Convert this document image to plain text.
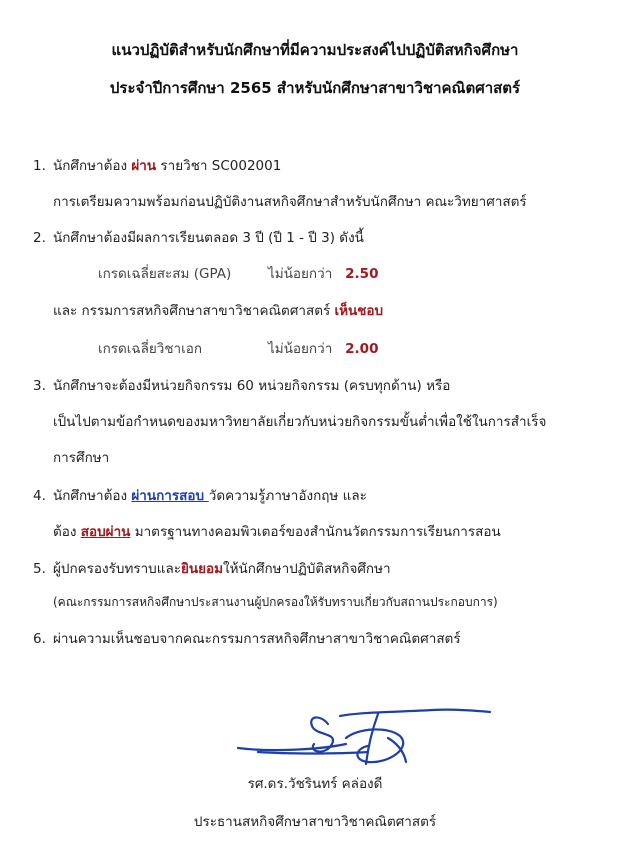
แนวปฏิบัติสำหรับนักศึกษาที่มีความประสงค์ไปปฏิบัติสหกิจศึกษา
ประจำปีการศึกษา 2565 สำหรับนักศึกษาสาขาวิชาคณิตศาสตร์
1. นักศึกษาต้อง ผ่าน รายวิชา SC002001
การเตรียมความพร้อมก่อนปฏิบัติงานสหกิจศึกษาสำหรับนักศึกษา คณะวิทยาศาสตร์
2. นักศึกษาต้องมีผลการเรียนตลอด 3 ปี (ปี 1 - ปี 3) ดังนี้
เกรดเฉลี่ยสะสม (GPA)	ไม่น้อยกว่า 2.50
และ กรรมการสหกิจศึกษาสาขาวิชาคณิตศาสตร์ เห็นชอบ
เกรดเฉลี่ยวิชาเอก	ไม่น้อยกว่า 2.00
3. นักศึกษาจะต้องมีหน่วยกิจกรรม 60 หน่วยกิจกรรม (ครบทุกด้าน) หรือ
เป็นไปตามข้อกำหนดของมหาวิทยาลัยเกี่ยวกับหน่วยกิจกรรมขั้นต่ำเพื่อใช้ในการสำเร็จ
การศึกษา
4. นักศึกษาต้อง ผ่านการสอบ วัดความรู้ภาษาอังกฤษ และ
ต้อง สอบผ่าน มาตรฐานทางคอมพิวเตอร์ของสำนักนวัตกรรมการเรียนการสอน
5. ผู้ปกครองรับทราบและยินยอมให้นักศึกษาปฏิบัติสหกิจศึกษา
(คณะกรรมการสหกิจศึกษาประสานงานผู้ปกครองให้รับทราบเกี่ยวกับสถานประกอบการ)
6. ผ่านความเห็นชอบจากคณะกรรมการสหกิจศึกษาสาขาวิชาคณิตศาสตร์
รศ.ดร.วัชรินทร์ คล่องดี
ประธานสหกิจศึกษาสาขาวิชาคณิตศาสตร์
